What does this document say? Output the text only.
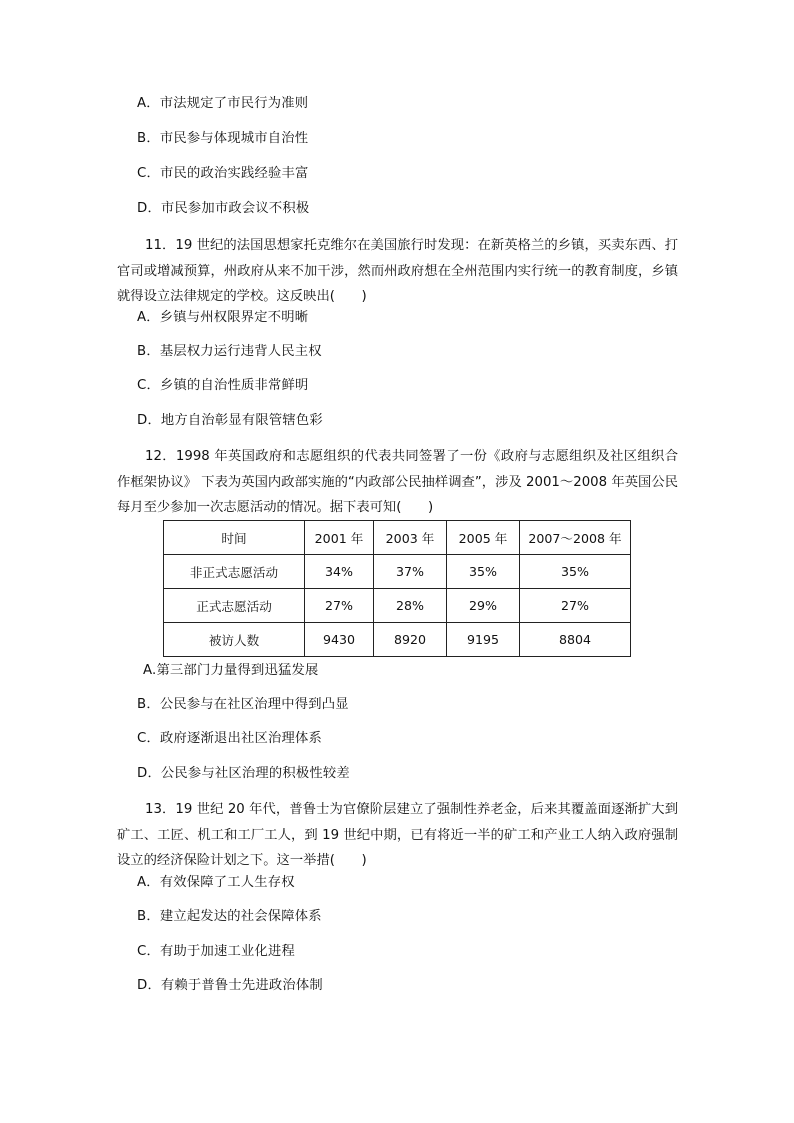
A．市法规定了市民行为准则
B．市民参与体现城市自治性
C．市民的政治实践经验丰富
D．市民参加市政会议不积极
11．19 世纪的法国思想家托克维尔在美国旅行时发现：在新英格兰的乡镇，买卖东西、打官司或增减预算，州政府从来不加干涉，然而州政府想在全州范围内实行统一的教育制度，乡镇就得设立法律规定的学校。这反映出(　　)
A．乡镇与州权限界定不明晰
B．基层权力运行违背人民主权
C．乡镇的自治性质非常鲜明
D．地方自治彰显有限管辖色彩
12．1998 年英国政府和志愿组织的代表共同签署了一份《政府与志愿组织及社区组织合作框架协议》 下表为英国内政部实施的“内政部公民抽样调查”，涉及 2001～2008 年英国公民每月至少参加一次志愿活动的情况。据下表可知(　　)
时间	2001 年	2003 年	2005 年	2007～2008 年
非正式志愿活动	34%	37%	35%	35%
正式志愿活动	27%	28%	29%	27%
被访人数	9430	8920	9195	8804
A.第三部门力量得到迅猛发展
B．公民参与在社区治理中得到凸显
C．政府逐渐退出社区治理体系
D．公民参与社区治理的积极性较差
13．19 世纪 20 年代，普鲁士为官僚阶层建立了强制性养老金，后来其覆盖面逐渐扩大到矿工、工匠、机工和工厂工人，到 19 世纪中期，已有将近一半的矿工和产业工人纳入政府强制设立的经济保险计划之下。这一举措(　　)
A．有效保障了工人生存权
B．建立起发达的社会保障体系
C．有助于加速工业化进程
D．有赖于普鲁士先进政治体制
